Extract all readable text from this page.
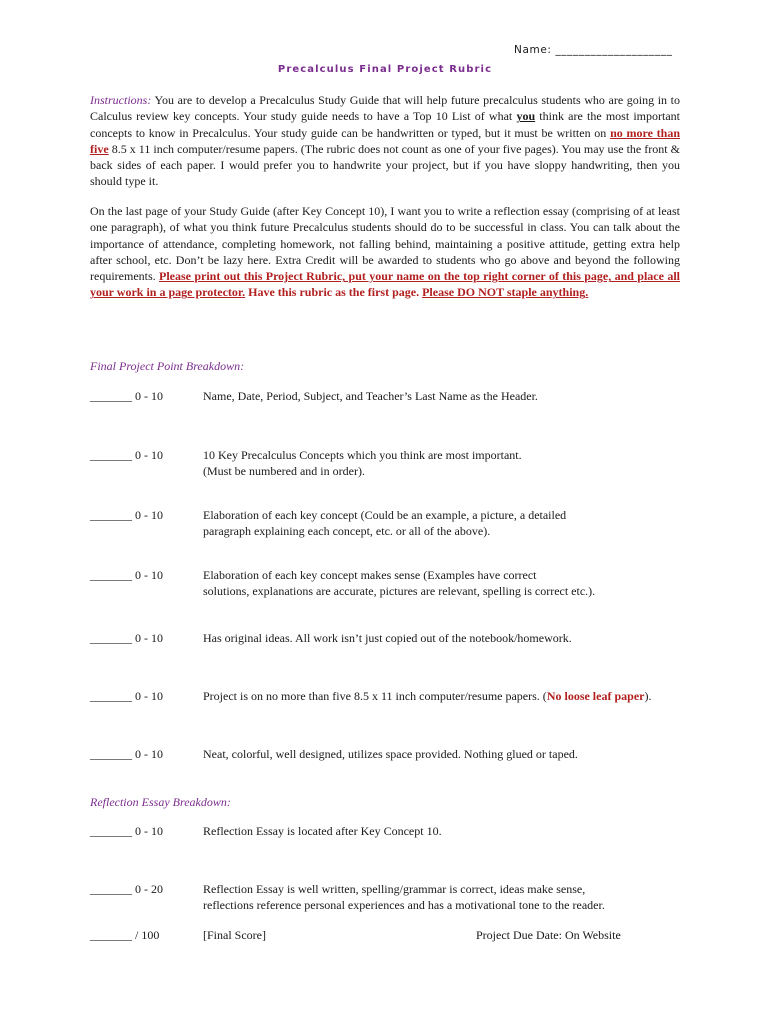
Name: ____________________
Precalculus Final Project Rubric
Instructions: You are to develop a Precalculus Study Guide that will help future precalculus students who are going in to Calculus review key concepts. Your study guide needs to have a Top 10 List of what you think are the most important concepts to know in Precalculus. Your study guide can be handwritten or typed, but it must be written on no more than five 8.5 x 11 inch computer/resume papers. (The rubric does not count as one of your five pages). You may use the front & back sides of each paper. I would prefer you to handwrite your project, but if you have sloppy handwriting, then you should type it.
On the last page of your Study Guide (after Key Concept 10), I want you to write a reflection essay (comprising of at least one paragraph), of what you think future Precalculus students should do to be successful in class. You can talk about the importance of attendance, completing homework, not falling behind, maintaining a positive attitude, getting extra help after school, etc. Don’t be lazy here. Extra Credit will be awarded to students who go above and beyond the following requirements. Please print out this Project Rubric, put your name on the top right corner of this page, and place all your work in a page protector. Have this rubric as the first page. Please DO NOT staple anything.
Final Project Point Breakdown:
_______ 0 - 10	Name, Date, Period, Subject, and Teacher’s Last Name as the Header.
_______ 0 - 10	10 Key Precalculus Concepts which you think are most important.
(Must be numbered and in order).
_______ 0 - 10	Elaboration of each key concept (Could be an example, a picture, a detailed
paragraph explaining each concept, etc. or all of the above).
_______ 0 - 10	Elaboration of each key concept makes sense (Examples have correct
solutions, explanations are accurate, pictures are relevant, spelling is correct etc.).
_______ 0 - 10	Has original ideas. All work isn’t just copied out of the notebook/homework.
_______ 0 - 10	Project is on no more than five 8.5 x 11 inch computer/resume papers. (No loose leaf paper).
_______ 0 - 10	Neat, colorful, well designed, utilizes space provided. Nothing glued or taped.
Reflection Essay Breakdown:
_______ 0 - 10	Reflection Essay is located after Key Concept 10.
_______ 0 - 20	Reflection Essay is well written, spelling/grammar is correct, ideas make sense,
reflections reference personal experiences and has a motivational tone to the reader.
_______ / 100	[Final Score]	Project Due Date: On Website
